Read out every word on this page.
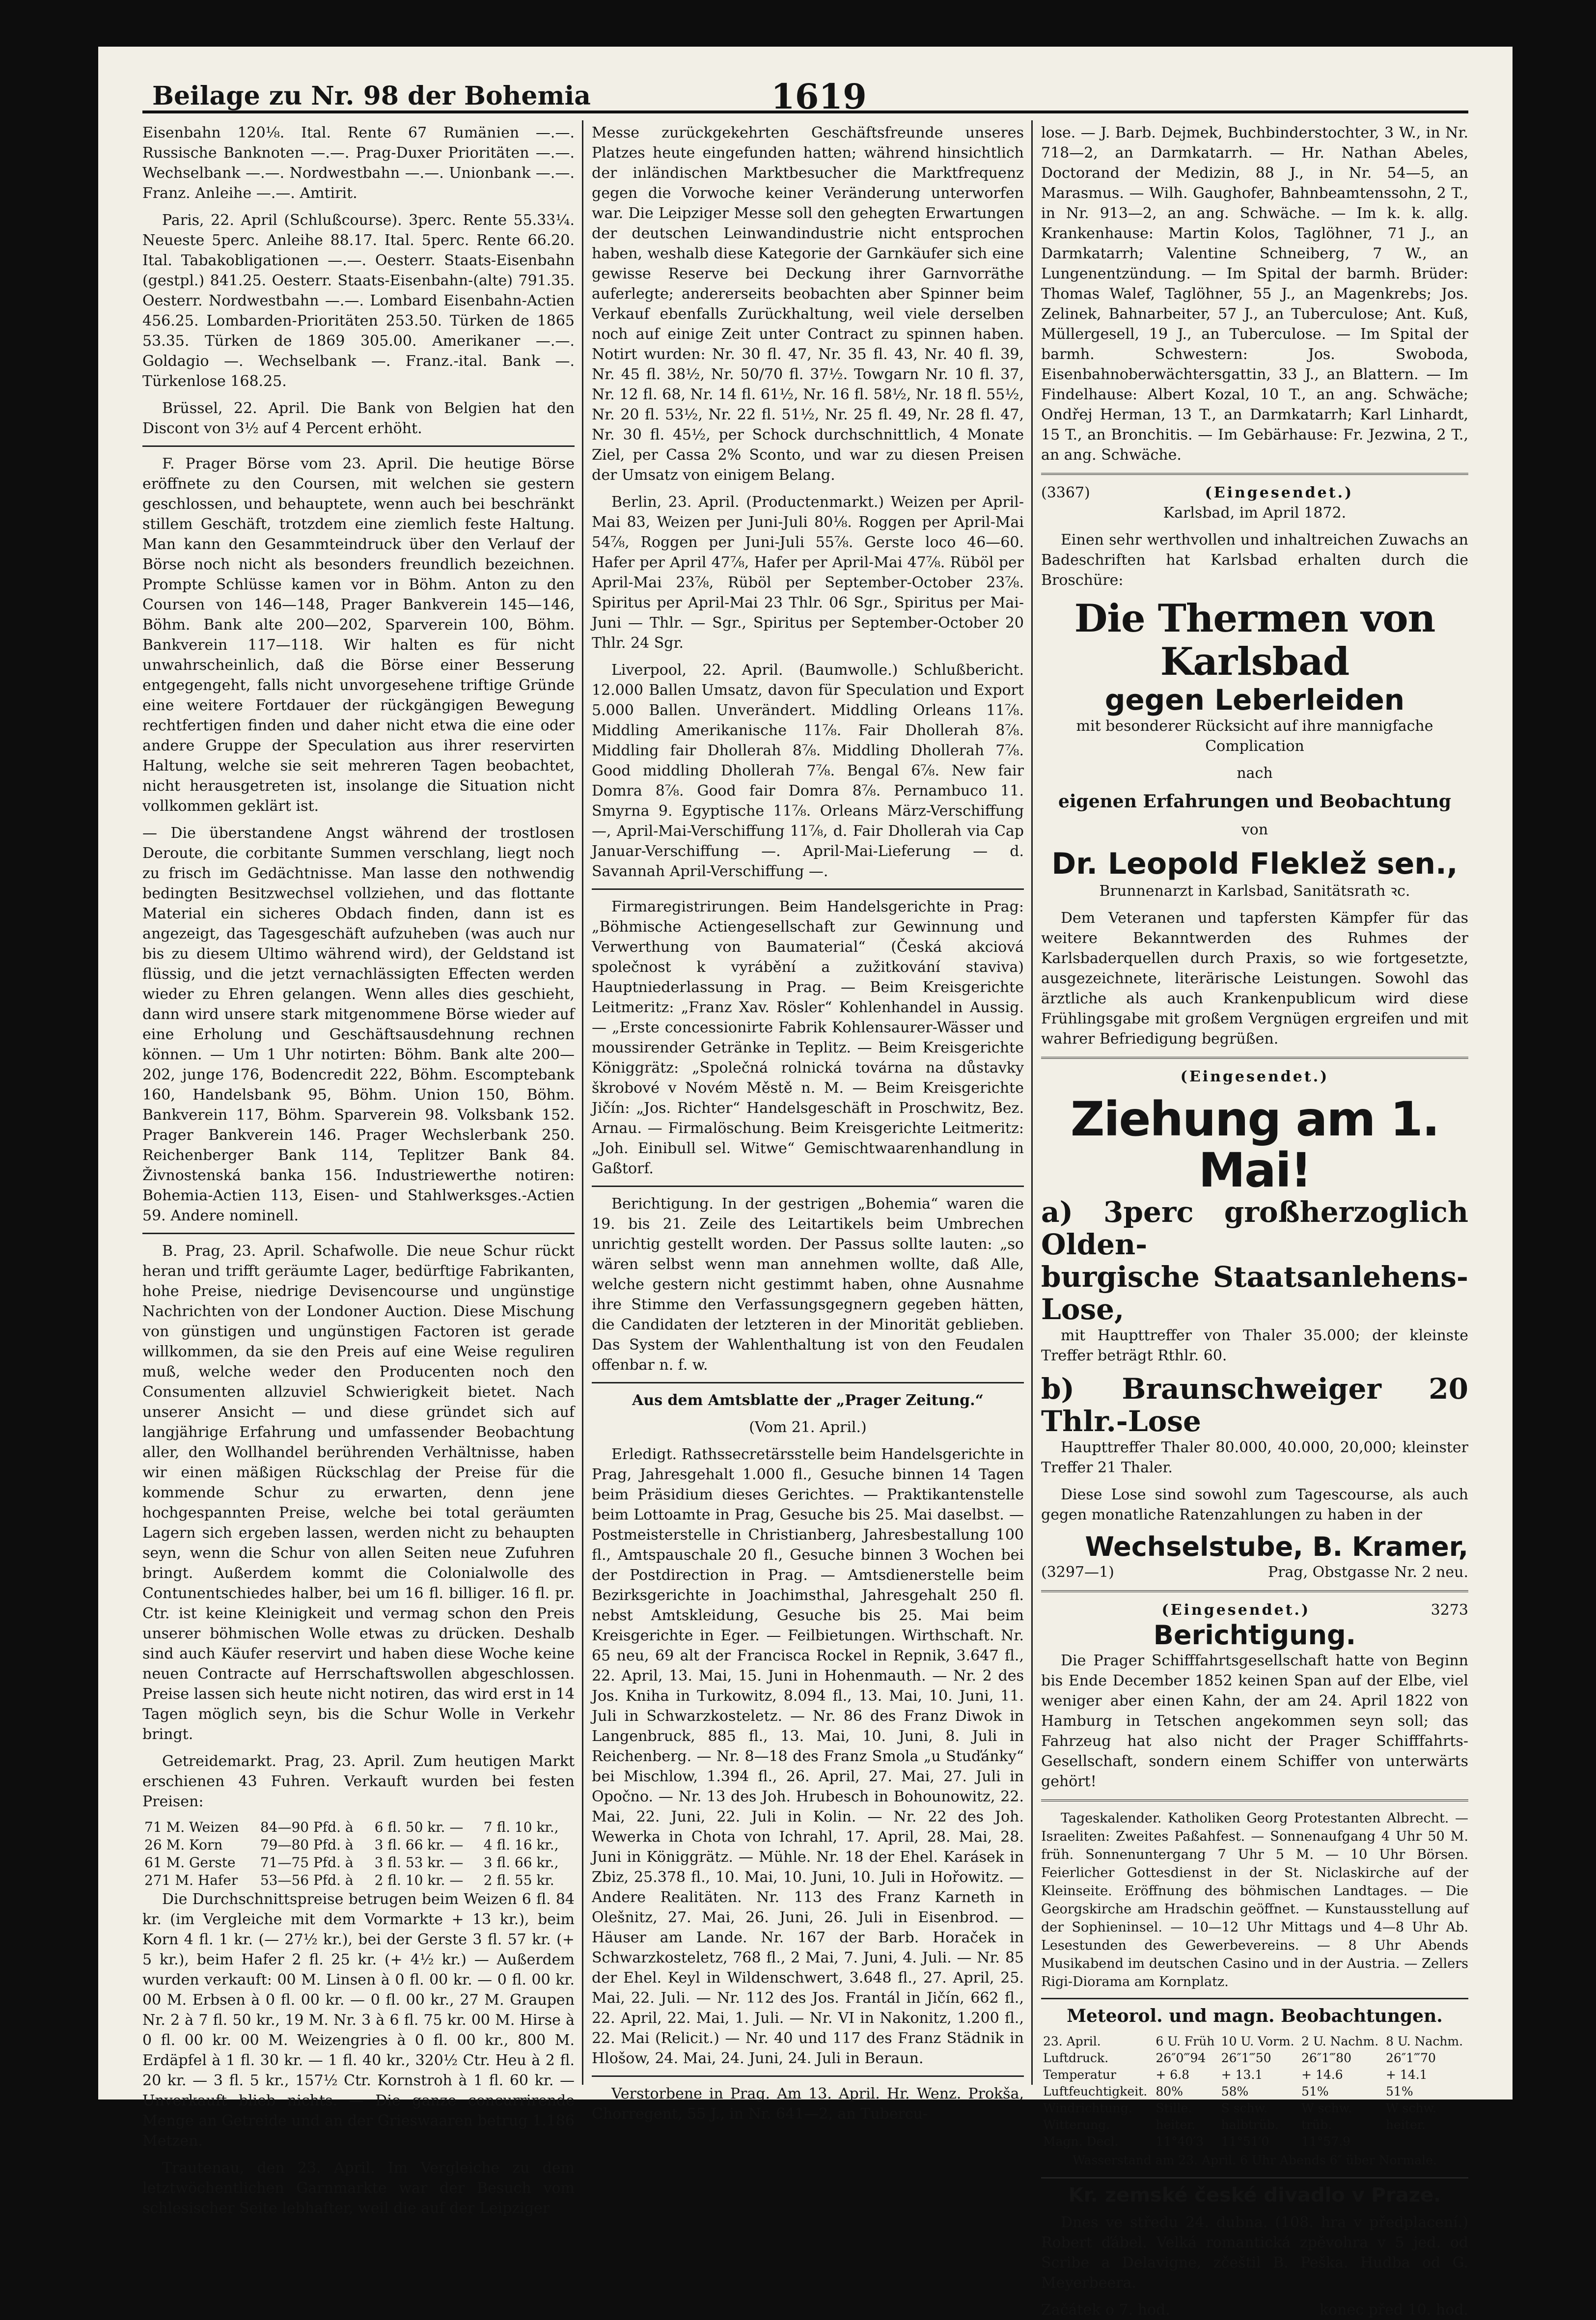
Beilage zu Nr. 98 der Bohemia	1619

Eisenbahn 120⅛. Ital. Rente 67 Rumänien —.—. Russische Banknoten —.—. Prag-Duxer Prioritäten —.—. Wechselbank —.—. Nordwestbahn —.—. Unionbank —.—. Franz. Anleihe —.—. Amtirit.

Paris, 22. April (Schlußcourse). 3perc. Rente 55.33¼. Neueste 5perc. Anleihe 88.17. Ital. 5perc. Rente 66.20. Ital. Tabakobligationen —.—. Oesterr. Staats-Eisenbahn (gestpl.) 841.25. Oesterr. Staats-Eisenbahn-(alte) 791.35. Oesterr. Nordwestbahn —.—. Lombard Eisenbahn-Actien 456.25. Lombarden-Prioritäten 253.50. Türken de 1865 53.35. Türken de 1869 305.00. Amerikaner —.—. Goldagio —. Wechselbank —. Franz.-ital. Bank —. Türkenlose 168.25.

Brüssel, 22. April. Die Bank von Belgien hat den Discont von 3½ auf 4 Percent erhöht.

F. Prager Börse vom 23. April. Die heutige Börse eröffnete zu den Coursen, mit welchen sie gestern geschlossen, und behauptete, wenn auch bei beschränkt stillem Geschäft, trotzdem eine ziemlich feste Haltung. Man kann den Gesammteindruck über den Verlauf der Börse noch nicht als besonders freundlich bezeichnen. Prompte Schlüsse kamen vor in Böhm. Anton zu den Coursen von 146—148, Prager Bankverein 145—146, Böhm. Bank alte 200—202, Sparverein 100, Böhm. Bankverein 117—118. Wir halten es für nicht unwahrscheinlich, daß die Börse einer Besserung entgegengeht, falls nicht unvorgesehene triftige Gründe eine weitere Fortdauer der rückgängigen Bewegung rechtfertigen finden und daher nicht etwa die eine oder andere Gruppe der Speculation aus ihrer reservirten Haltung, welche sie seit mehreren Tagen beobachtet, nicht herausgetreten ist, insolange die Situation nicht vollkommen geklärt ist.

— Die überstandene Angst während der trostlosen Deroute, die corbitante Summen verschlang, liegt noch zu frisch im Gedächtnisse. Man lasse den nothwendig bedingten Besitzwechsel vollziehen, und das flottante Material ein sicheres Obdach finden, dann ist es angezeigt, das Tagesgeschäft aufzuheben (was auch nur bis zu diesem Ultimo während wird), der Geldstand ist flüssig, und die jetzt vernachlässigten Effecten werden wieder zu Ehren gelangen. Wenn alles dies geschieht, dann wird unsere stark mitgenommene Börse wieder auf eine Erholung und Geschäftsausdehnung rechnen können. — Um 1 Uhr notirten: Böhm. Bank alte 200—202, junge 176, Bodencredit 222, Böhm. Escomptebank 160, Handelsbank 95, Böhm. Union 150, Böhm. Bankverein 117, Böhm. Sparverein 98. Volksbank 152. Prager Bankverein 146. Prager Wechslerbank 250. Reichenberger Bank 114, Teplitzer Bank 84. Živnostenská banka 156. Industriewerthe notiren: Bohemia-Actien 113, Eisen- und Stahlwerksges.-Actien 59. Andere nominell.

B. Prag, 23. April. Schafwolle. Die neue Schur rückt heran und trifft geräumte Lager, bedürftige Fabrikanten, hohe Preise, niedrige Devisencourse und ungünstige Nachrichten von der Londoner Auction. Diese Mischung von günstigen und ungünstigen Factoren ist gerade willkommen, da sie den Preis auf eine Weise reguliren muß, welche weder den Producenten noch den Consumenten allzuviel Schwierigkeit bietet. Nach unserer Ansicht — und diese gründet sich auf langjährige Erfahrung und umfassender Beobachtung aller, den Wollhandel berührenden Verhältnisse, haben wir einen mäßigen Rückschlag der Preise für die kommende Schur zu erwarten, denn jene hochgespannten Preise, welche bei total geräumten Lagern sich ergeben lassen, werden nicht zu behaupten seyn, wenn die Schur von allen Seiten neue Zufuhren bringt. Außerdem kommt die Colonialwolle des Contunentschiedes halber, bei um 16 fl. billiger. 16 fl. pr. Ctr. ist keine Kleinigkeit und vermag schon den Preis unserer böhmischen Wolle etwas zu drücken. Deshalb sind auch Käufer reservirt und haben diese Woche keine neuen Contracte auf Herrschaftswollen abgeschlossen. Preise lassen sich heute nicht notiren, das wird erst in 14 Tagen möglich seyn, bis die Schur Wolle in Verkehr bringt.

Getreidemarkt. Prag, 23. April. Zum heutigen Markt erschienen 43 Fuhren. Verkauft wurden bei festen Preisen:

71 M. Weizen	84—90 Pfd. à	6 fl. 50 kr. —	7 fl. 10 kr.,
26 M. Korn	79—80 Pfd. à	3 fl. 66 kr. —	4 fl. 16 kr.,
61 M. Gerste	71—75 Pfd. à	3 fl. 53 kr. —	3 fl. 66 kr.,
271 M. Hafer	53—56 Pfd. à	2 fl. 10 kr. —	2 fl. 55 kr.

Die Durchschnittspreise betrugen beim Weizen 6 fl. 84 kr. (im Vergleiche mit dem Vormarkte + 13 kr.), beim Korn 4 fl. 1 kr. (— 27½ kr.), bei der Gerste 3 fl. 57 kr. (+ 5 kr.), beim Hafer 2 fl. 25 kr. (+ 4½ kr.) — Außerdem wurden verkauft: 00 M. Linsen à 0 fl. 00 kr. — 0 fl. 00 kr. 00 M. Erbsen à 0 fl. 00 kr. — 0 fl. 00 kr., 27 M. Graupen Nr. 2 à 7 fl. 50 kr., 19 M. Nr. 3 à 6 fl. 75 kr. 00 M. Hirse à 0 fl. 00 kr. 00 M. Weizengries à 0 fl. 00 kr., 800 M. Erdäpfel à 1 fl. 30 kr. — 1 fl. 40 kr., 320½ Ctr. Heu à 2 fl. 20 kr. — 3 fl. 5 kr., 157½ Ctr. Kornstroh à 1 fl. 60 kr. — Unverkauft blieb nichts. — Die ganze concurrirende Menge an Getreide und an der Grieswaaren betrug 1.186 Metzen.

Trautenau, den 23. April. Im Vergleiche zu dem letztwöchentlichen Garnmarkte war der Besuch vom schlesischer Seite lebhafter, weil die auf der Leipziger

Messe zurückgekehrten Geschäftsfreunde unseres Platzes heute eingefunden hatten; während hinsichtlich der inländischen Marktbesucher die Marktfrequenz gegen die Vorwoche keiner Veränderung unterworfen war. Die Leipziger Messe soll den gehegten Erwartungen der deutschen Leinwandindustrie nicht entsprochen haben, weshalb diese Kategorie der Garnkäufer sich eine gewisse Reserve bei Deckung ihrer Garnvorräthe auferlegte; andererseits beobachten aber Spinner beim Verkauf ebenfalls Zurückhaltung, weil viele derselben noch auf einige Zeit unter Contract zu spinnen haben. Notirt wurden: Nr. 30 fl. 47, Nr. 35 fl. 43, Nr. 40 fl. 39, Nr. 45 fl. 38½, Nr. 50/70 fl. 37½. Towgarn Nr. 10 fl. 37, Nr. 12 fl. 68, Nr. 14 fl. 61½, Nr. 16 fl. 58½, Nr. 18 fl. 55½, Nr. 20 fl. 53½, Nr. 22 fl. 51½, Nr. 25 fl. 49, Nr. 28 fl. 47, Nr. 30 fl. 45½, per Schock durchschnittlich, 4 Monate Ziel, per Cassa 2% Sconto, und war zu diesen Preisen der Umsatz von einigem Belang.

Berlin, 23. April. (Productenmarkt.) Weizen per April-Mai 83, Weizen per Juni-Juli 80⅛. Roggen per April-Mai 54⅞, Roggen per Juni-Juli 55⅞. Gerste loco 46—60. Hafer per April 47⅞, Hafer per April-Mai 47⅞. Rüböl per April-Mai 23⅞, Rüböl per September-October 23⅞. Spiritus per April-Mai 23 Thlr. 06 Sgr., Spiritus per Mai-Juni — Thlr. — Sgr., Spiritus per September-October 20 Thlr. 24 Sgr.

Liverpool, 22. April. (Baumwolle.) Schlußbericht. 12.000 Ballen Umsatz, davon für Speculation und Export 5.000 Ballen. Unverändert. Middling Orleans 11⅞. Middling Amerikanische 11⅞. Fair Dhollerah 8⅞. Middling fair Dhollerah 8⅞. Middling Dhollerah 7⅞. Good middling Dhollerah 7⅞. Bengal 6⅞. New fair Domra 8⅞. Good fair Domra 8⅞. Pernambuco 11. Smyrna 9. Egyptische 11⅞. Orleans März-Verschiffung —, April-Mai-Verschiffung 11⅞, d. Fair Dhollerah via Cap Januar-Verschiffung —. April-Mai-Lieferung — d. Savannah April-Verschiffung —.

Firmaregistrirungen. Beim Handelsgerichte in Prag: „Böhmische Actiengesellschaft zur Gewinnung und Verwerthung von Baumaterial“ (Česká akciová společnost k vyrábění a zužitkování staviva) Hauptniederlassung in Prag. — Beim Kreisgerichte Leitmeritz: „Franz Xav. Rösler“ Kohlenhandel in Aussig. — „Erste concessionirte Fabrik Kohlensaurer-Wässer und moussirender Getränke in Teplitz. — Beim Kreisgerichte Königgrätz: „Společná rolnická továrna na důstavky škrobové v Novém Městě n. M. — Beim Kreisgerichte Jičín: „Jos. Richter“ Handelsgeschäft in Proschwitz, Bez. Arnau. — Firmalöschung. Beim Kreisgerichte Leitmeritz: „Joh. Einibull sel. Witwe“ Gemischtwaarenhandlung in Gaßtorf.

Berichtigung. In der gestrigen „Bohemia“ waren die 19. bis 21. Zeile des Leitartikels beim Umbrechen unrichtig gestellt worden. Der Passus sollte lauten: „so wären selbst wenn man annehmen wollte, daß Alle, welche gestern nicht gestimmt haben, ohne Ausnahme ihre Stimme den Verfassungsgegnern gegeben hätten, die Candidaten der letzteren in der Minorität geblieben. Das System der Wahlenthaltung ist von den Feudalen offenbar n. f. w.

Aus dem Amtsblatte der „Prager Zeitung.“

(Vom 21. April.)

Erledigt. Rathssecretärsstelle beim Handelsgerichte in Prag, Jahresgehalt 1.000 fl., Gesuche binnen 14 Tagen beim Präsidium dieses Gerichtes. — Praktikantenstelle beim Lottoamte in Prag, Gesuche bis 25. Mai daselbst. — Postmeisterstelle in Christianberg, Jahresbestallung 100 fl., Amtspauschale 20 fl., Gesuche binnen 3 Wochen bei der Postdirection in Prag. — Amtsdienerstelle beim Bezirksgerichte in Joachimsthal, Jahresgehalt 250 fl. nebst Amtskleidung, Gesuche bis 25. Mai beim Kreisgerichte in Eger. — Feilbietungen. Wirthschaft. Nr. 65 neu, 69 alt der Francisca Rockel in Repnik, 3.647 fl., 22. April, 13. Mai, 15. Juni in Hohenmauth. — Nr. 2 des Jos. Kniha in Turkowitz, 8.094 fl., 13. Mai, 10. Juni, 11. Juli in Schwarzkosteletz. — Nr. 86 des Franz Diwok in Langenbruck, 885 fl., 13. Mai, 10. Juni, 8. Juli in Reichenberg. — Nr. 8—18 des Franz Smola „u Stuďánky“ bei Mischlow, 1.394 fl., 26. April, 27. Mai, 27. Juli in Opočno. — Nr. 13 des Joh. Hrubesch in Bohounowitz, 22. Mai, 22. Juni, 22. Juli in Kolin. — Nr. 22 des Joh. Wewerka in Chota von Ichrahl, 17. April, 28. Mai, 28. Juni in Königgrätz. — Mühle. Nr. 18 der Ehel. Karásek in Zbiz, 25.378 fl., 10. Mai, 10. Juni, 10. Juli in Hořowitz. — Andere Realitäten. Nr. 113 des Franz Karneth in Olešnitz, 27. Mai, 26. Juni, 26. Juli in Eisenbrod. — Häuser am Lande. Nr. 167 der Barb. Horaček in Schwarzkosteletz, 768 fl., 2 Mai, 7. Juni, 4. Juli. — Nr. 85 der Ehel. Keyl in Wildenschwert, 3.648 fl., 27. April, 25. Mai, 22. Juli. — Nr. 112 des Jos. Frantál in Jičín, 662 fl., 22. April, 22. Mai, 1. Juli. — Nr. VI in Nakonitz, 1.200 fl., 22. Mai (Relicit.) — Nr. 40 und 117 des Franz Städnik in Hlošow, 24. Mai, 24. Juni, 24. Juli in Beraun.

Verstorbene in Prag. Am 13. April. Hr. Wenz. Prokša, Chorregent, 55 J., in Nr. 641—2, an Tubercu-

lose. — J. Barb. Dejmek, Buchbinderstochter, 3 W., in Nr. 718—2, an Darmkatarrh. — Hr. Nathan Abeles, Doctorand der Medizin, 88 J., in Nr. 54—5, an Marasmus. — Wilh. Gaughofer, Bahnbeamtenssohn, 2 T., in Nr. 913—2, an ang. Schwäche. — Im k. k. allg. Krankenhause: Martin Kolos, Taglöhner, 71 J., an Darmkatarrh; Valentine Schneiberg, 7 W., an Lungenentzündung. — Im Spital der barmh. Brüder: Thomas Walef, Taglöhner, 55 J., an Magenkrebs; Jos. Zelinek, Bahnarbeiter, 57 J., an Tuberculose; Ant. Kuß, Müllergesell, 19 J., an Tuberculose. — Im Spital der barmh. Schwestern: Jos. Swoboda, Eisenbahnoberwächtersgattin, 33 J., an Blattern. — Im Findelhause: Albert Kozal, 10 T., an ang. Schwäche; Ondřej Herman, 13 T., an Darmkatarrh; Karl Linhardt, 15 T., an Bronchitis. — Im Gebärhause: Fr. Jezwina, 2 T., an ang. Schwäche.

(3367)	(Eingesendet.)

Karlsbad, im April 1872.

Einen sehr werthvollen und inhaltreichen Zuwachs an Badeschriften hat Karlsbad erhalten durch die Broschüre:

Die Thermen von Karlsbad
gegen Leberleiden

mit besonderer Rücksicht auf ihre mannigfache Complication

nach

eigenen Erfahrungen und Beobachtung

von

Dr. Leopold Fleklež sen.,

Brunnenarzt in Karlsbad, Sanitätsrath ꝛc.

Dem Veteranen und tapfersten Kämpfer für das weitere Bekanntwerden des Ruhmes der Karlsbaderquellen durch Praxis, so wie fortgesetzte, ausgezeichnete, literärische Leistungen. Sowohl das ärztliche als auch Krankenpublicum wird diese Frühlingsgabe mit großem Vergnügen ergreifen und mit wahrer Befriedigung begrüßen.

(Eingesendet.)

Ziehung am 1. Mai!
a) 3perc großherzoglich Olden-
burgische Staatsanlehens-Lose,

mit Haupttreffer von Thaler 35.000; der kleinste Treffer beträgt Rthlr. 60.

b) Braunschweiger 20 Thlr.-Lose

Haupttreffer Thaler 80.000, 40.000, 20,000; kleinster Treffer 21 Thaler.

Diese Lose sind sowohl zum Tagescourse, als auch gegen monatliche Ratenzahlungen zu haben in der

Wechselstube, B. Kramer,
(3297—1)	Prag, Obstgasse Nr. 2 neu.
(Eingesendet.)	3273
Berichtigung.

Die Prager Schifffahrtsgesellschaft hatte von Beginn bis Ende December 1852 keinen Span auf der Elbe, viel weniger aber einen Kahn, der am 24. April 1822 von Hamburg in Tetschen angekommen seyn soll; das Fahrzeug hat also nicht der Prager Schifffahrts-Gesellschaft, sondern einem Schiffer von unterwärts gehört!

Tageskalender. Katholiken Georg Protestanten Albrecht. — Israeliten: Zweites Paßahfest. — Sonnenaufgang 4 Uhr 50 M. früh. Sonnenuntergang 7 Uhr 5 M. — 10 Uhr Börsen. Feierlicher Gottesdienst in der St. Niclaskirche auf der Kleinseite. Eröffnung des böhmischen Landtages. — Die Georgskirche am Hradschin geöffnet. — Kunstausstellung auf der Sophieninsel. — 10—12 Uhr Mittags und 4—8 Uhr Ab. Lesestunden des Gewerbevereins. — 8 Uhr Abends Musikabend im deutschen Casino und in der Austria. — Zellers Rigi-Diorama am Kornplatz.

Meteorol. und magn. Beobachtungen.

23. April.	6 U. Früh	10 U. Vorm.	2 U. Nachm.	8 U. Nachm.
Luftdruck.	26″0‴94	26″1‴50	26″1‴80	26″1‴70
Temperatur	+ 6.8	+ 13.1	+ 14.6	+ 14.1
Luftfeuchtigkeit.	80%	58%	51%	51%
Windrichtung.	Stille.	S schw.	W schw.	W schw.
Witterung.	heiter.	halbtrüb.	trüb.	heiter.
Magn. Decl.	11°40′3	11°51′0	11°57.9	

Wasserstand am 23. April. 6 Uhr Abends 6″ über Normale.

Kr. zemské české divadlo v Praze.

Dnes ve středu 24. dubna. (108. hra v předplacení.) Robert ďábel. Velká romantická zpěvohra v 5 jed. od Scribe a Delavigne, zčeštil B. Peška. Hudba od G. Meyerbeera.

Začátek o 7. hod.	konec před 10. hod.
